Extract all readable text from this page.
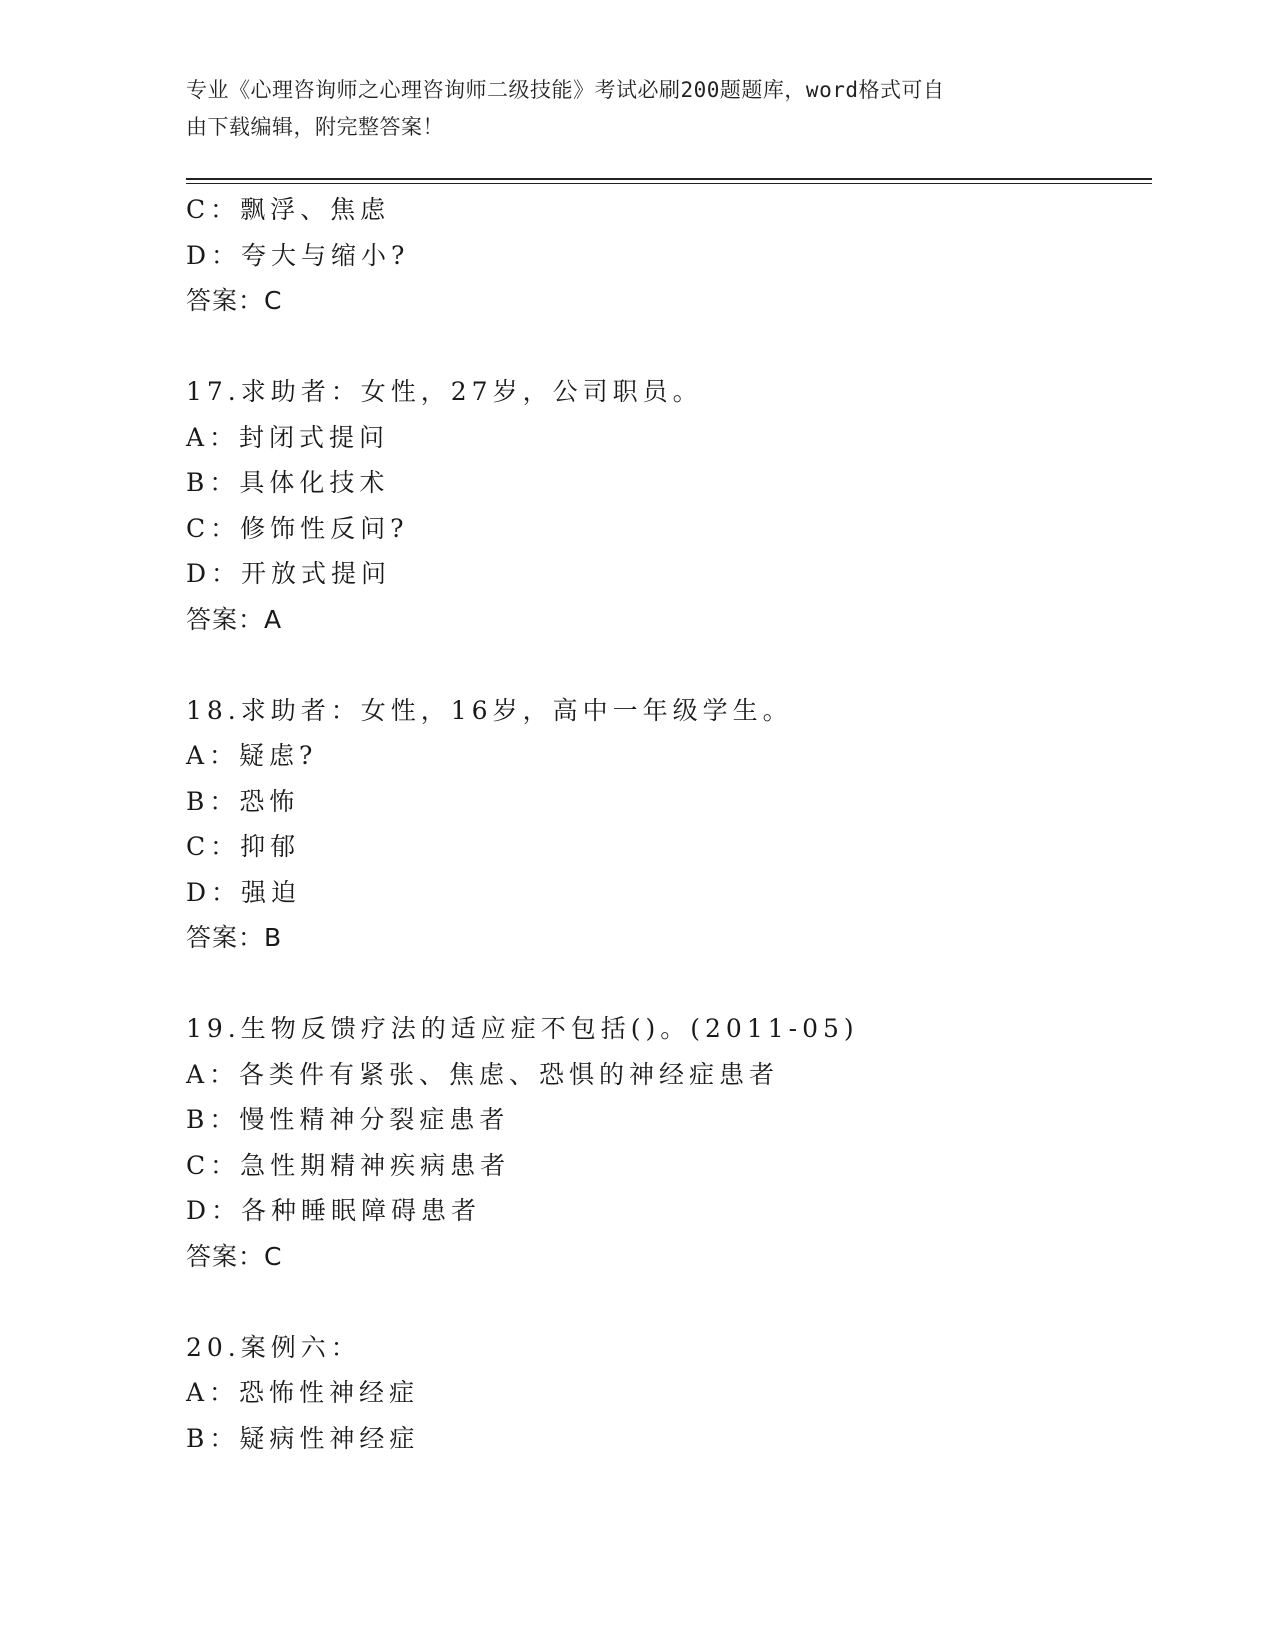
专业《心理咨询师之心理咨询师二级技能》考试必刷200题题库，word格式可自
由下载编辑，附完整答案！
C：飘浮、焦虑
D：夸大与缩小?
答案：C
17.求助者：女性，27岁，公司职员。
A：封闭式提问
B：具体化技术
C：修饰性反问?
D：开放式提问
答案：A
18.求助者：女性，16岁，高中一年级学生。
A：疑虑?
B：恐怖
C：抑郁
D：强迫
答案：B
19.生物反馈疗法的适应症不包括()。(2011-05)
A：各类件有紧张、焦虑、恐惧的神经症患者
B：慢性精神分裂症患者
C：急性期精神疾病患者
D：各种睡眠障碍患者
答案：C
20.案例六：
A：恐怖性神经症
B：疑病性神经症
